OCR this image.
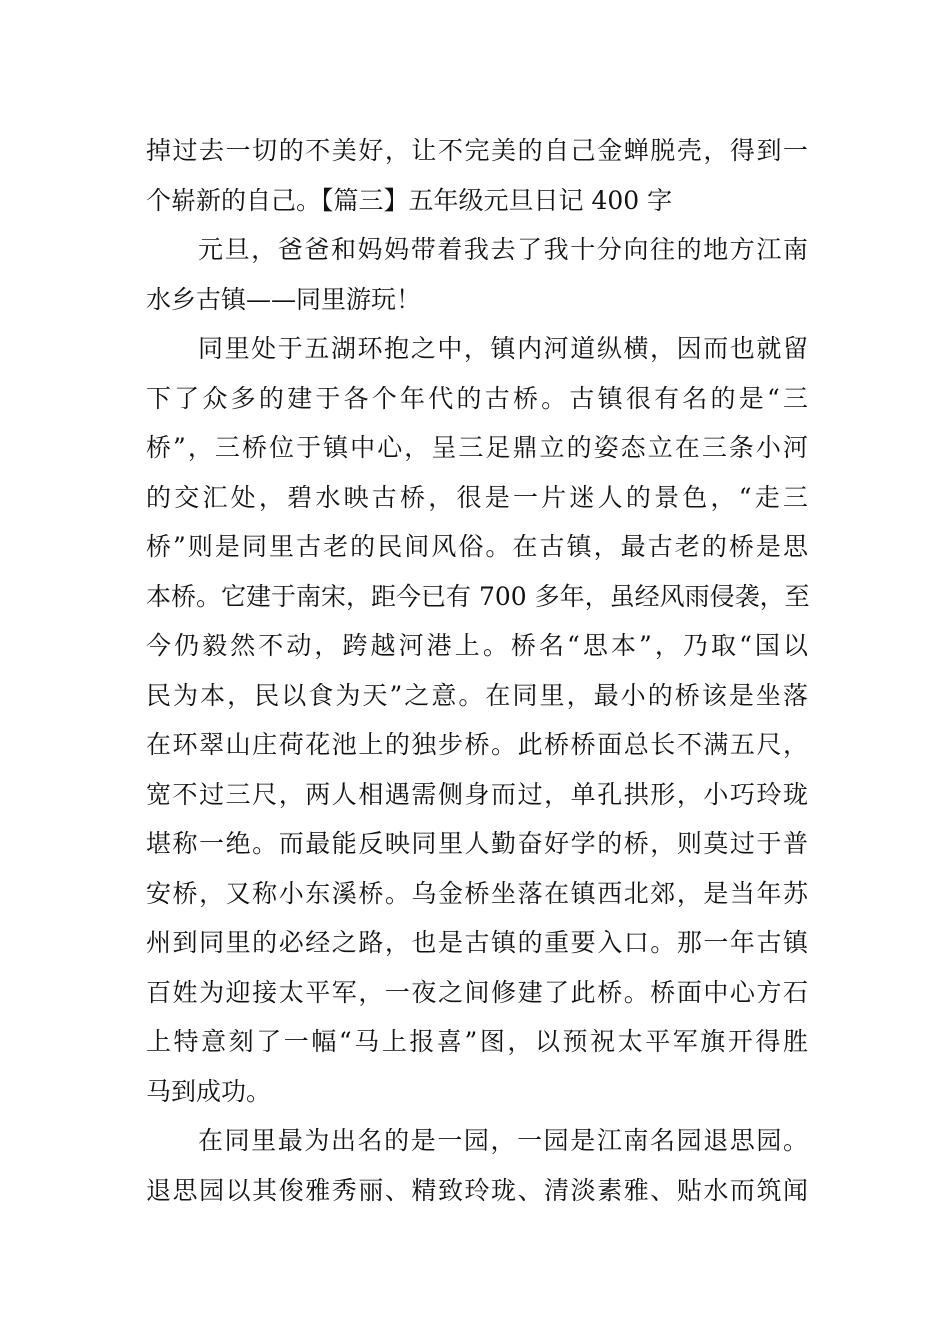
掉过去一切的不美好，让不完美的自己金蝉脱壳，得到一
个崭新的自己。【篇三】五年级元旦日记 400 字
元旦，爸爸和妈妈带着我去了我十分向往的地方江南
水乡古镇——同里游玩！
同里处于五湖环抱之中，镇内河道纵横，因而也就留
下了众多的建于各个年代的古桥。古镇很有名的是“三
桥”，三桥位于镇中心，呈三足鼎立的姿态立在三条小河
的交汇处，碧水映古桥，很是一片迷人的景色，“走三
桥”则是同里古老的民间风俗。在古镇，最古老的桥是思
本桥。它建于南宋，距今已有 700 多年，虽经风雨侵袭，至
今仍毅然不动，跨越河港上。桥名“思本”，乃取“国以
民为本，民以食为天”之意。在同里，最小的桥该是坐落
在环翠山庄荷花池上的独步桥。此桥桥面总长不满五尺，
宽不过三尺，两人相遇需侧身而过，单孔拱形，小巧玲珑
堪称一绝。而最能反映同里人勤奋好学的桥，则莫过于普
安桥，又称小东溪桥。乌金桥坐落在镇西北郊，是当年苏
州到同里的必经之路，也是古镇的重要入口。那一年古镇
百姓为迎接太平军，一夜之间修建了此桥。桥面中心方石
上特意刻了一幅“马上报喜”图，以预祝太平军旗开得胜
马到成功。
在同里最为出名的是一园，一园是江南名园退思园。
退思园以其俊雅秀丽、精致玲珑、清淡素雅、贴水而筑闻
